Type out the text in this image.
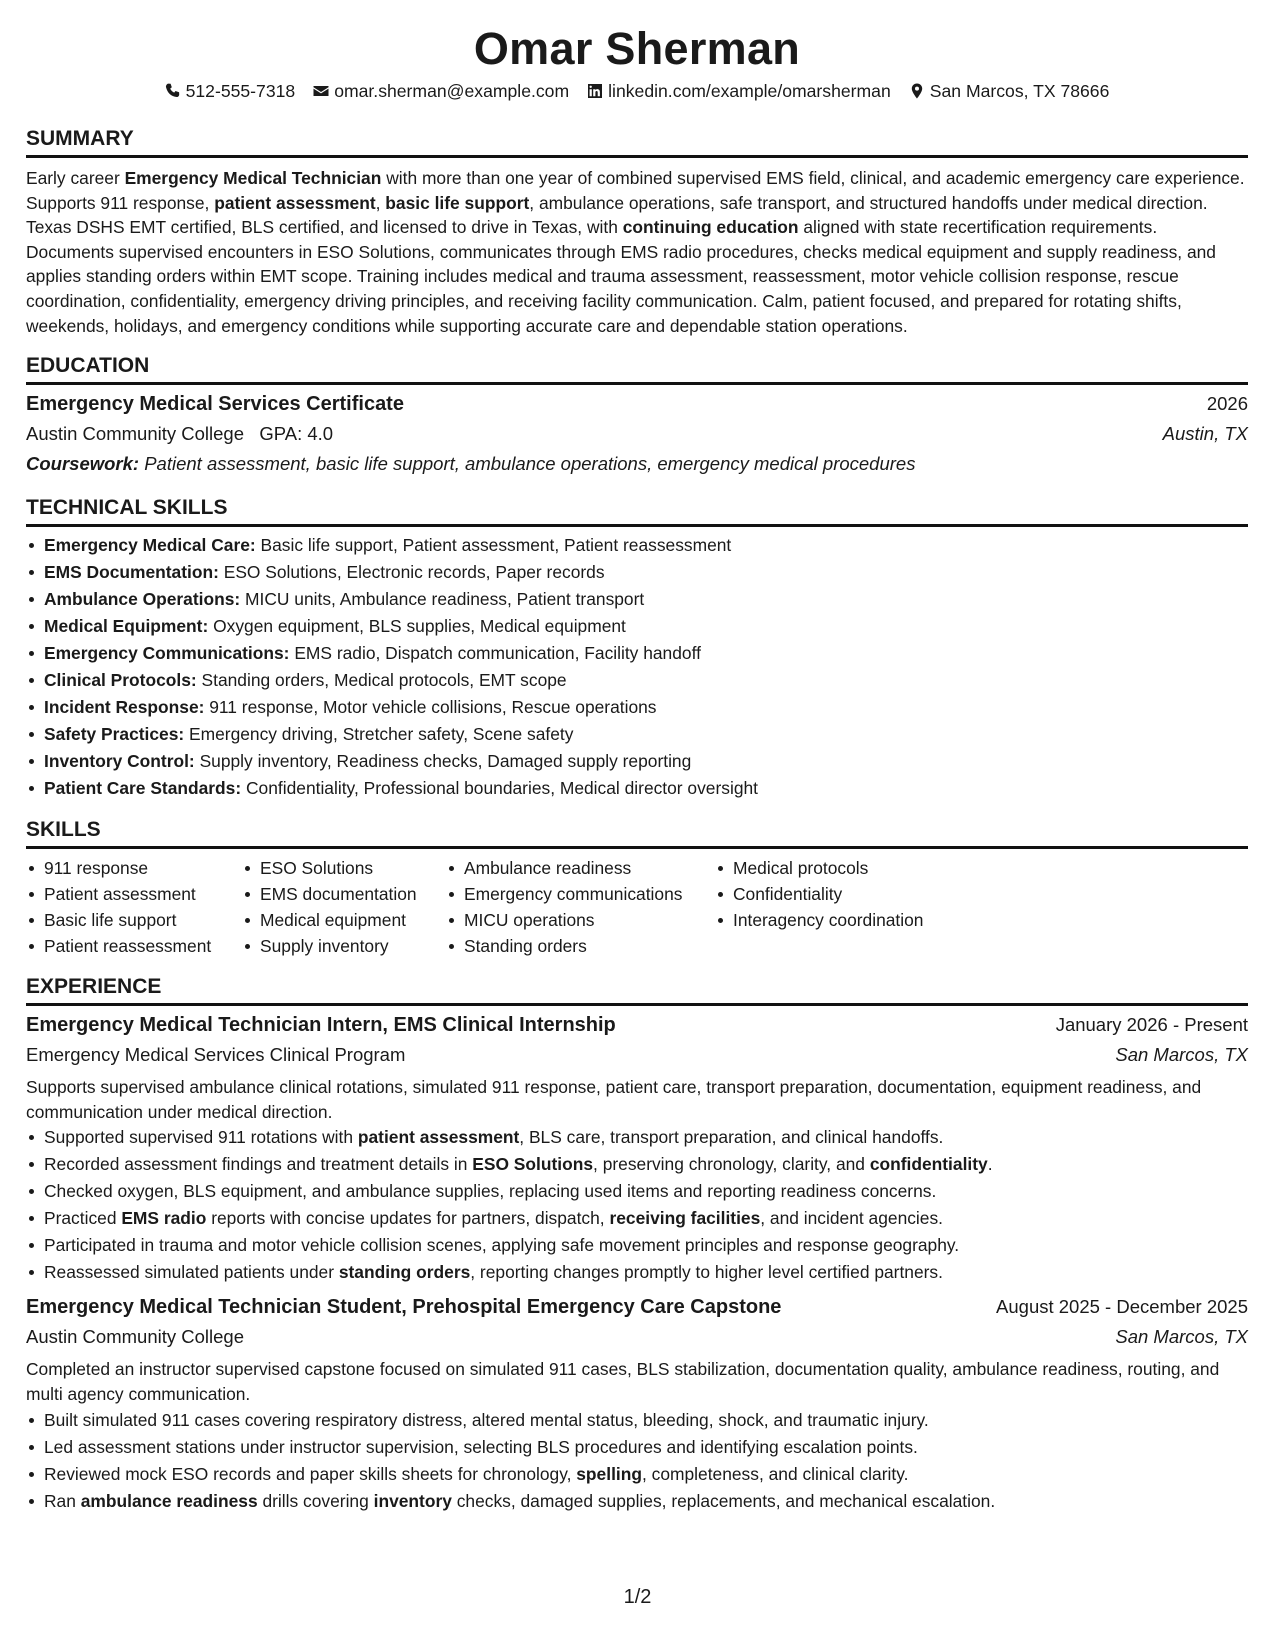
Omar Sherman
512-555-7318 omar.sherman@example.com linkedin.com/example/omarsherman San Marcos, TX 78666
SUMMARY

Early career Emergency Medical Technician with more than one year of combined supervised EMS field, clinical, and academic emergency care experience. Supports 911 response, patient assessment, basic life support, ambulance operations, safe transport, and structured handoffs under medical direction. Texas DSHS EMT certified, BLS certified, and licensed to drive in Texas, with continuing education aligned with state recertification requirements. Documents supervised encounters in ESO Solutions, communicates through EMS radio procedures, checks medical equipment and supply readiness, and applies standing orders within EMT scope. Training includes medical and trauma assessment, reassessment, motor vehicle collision response, rescue coordination, confidentiality, emergency driving principles, and receiving facility communication. Calm, patient focused, and prepared for rotating shifts, weekends, holidays, and emergency conditions while supporting accurate care and dependable station operations.

EDUCATION
Emergency Medical Services Certificate	2026
Austin Community College GPA: 4.0	Austin, TX
Coursework: Patient assessment, basic life support, ambulance operations, emergency medical procedures
TECHNICAL SKILLS
Emergency Medical Care: Basic life support, Patient assessment, Patient reassessment
EMS Documentation: ESO Solutions, Electronic records, Paper records
Ambulance Operations: MICU units, Ambulance readiness, Patient transport
Medical Equipment: Oxygen equipment, BLS supplies, Medical equipment
Emergency Communications: EMS radio, Dispatch communication, Facility handoff
Clinical Protocols: Standing orders, Medical protocols, EMT scope
Incident Response: 911 response, Motor vehicle collisions, Rescue operations
Safety Practices: Emergency driving, Stretcher safety, Scene safety
Inventory Control: Supply inventory, Readiness checks, Damaged supply reporting
Patient Care Standards: Confidentiality, Professional boundaries, Medical director oversight
SKILLS
911 response
Patient assessment
Basic life support
Patient reassessment
ESO Solutions
EMS documentation
Medical equipment
Supply inventory
Ambulance readiness
Emergency communications
MICU operations
Standing orders
Medical protocols
Confidentiality
Interagency coordination
EXPERIENCE
Emergency Medical Technician Intern, EMS Clinical Internship	January 2026 - Present
Emergency Medical Services Clinical Program	San Marcos, TX

Supports supervised ambulance clinical rotations, simulated 911 response, patient care, transport preparation, documentation, equipment readiness, and communication under medical direction.

Supported supervised 911 rotations with patient assessment, BLS care, transport preparation, and clinical handoffs.
Recorded assessment findings and treatment details in ESO Solutions, preserving chronology, clarity, and confidentiality.
Checked oxygen, BLS equipment, and ambulance supplies, replacing used items and reporting readiness concerns.
Practiced EMS radio reports with concise updates for partners, dispatch, receiving facilities, and incident agencies.
Participated in trauma and motor vehicle collision scenes, applying safe movement principles and response geography.
Reassessed simulated patients under standing orders, reporting changes promptly to higher level certified partners.
Emergency Medical Technician Student, Prehospital Emergency Care Capstone	August 2025 - December 2025
Austin Community College	San Marcos, TX

Completed an instructor supervised capstone focused on simulated 911 cases, BLS stabilization, documentation quality, ambulance readiness, routing, and multi agency communication.

Built simulated 911 cases covering respiratory distress, altered mental status, bleeding, shock, and traumatic injury.
Led assessment stations under instructor supervision, selecting BLS procedures and identifying escalation points.
Reviewed mock ESO records and paper skills sheets for chronology, spelling, completeness, and clinical clarity.
Ran ambulance readiness drills covering inventory checks, damaged supplies, replacements, and mechanical escalation.
1/2
